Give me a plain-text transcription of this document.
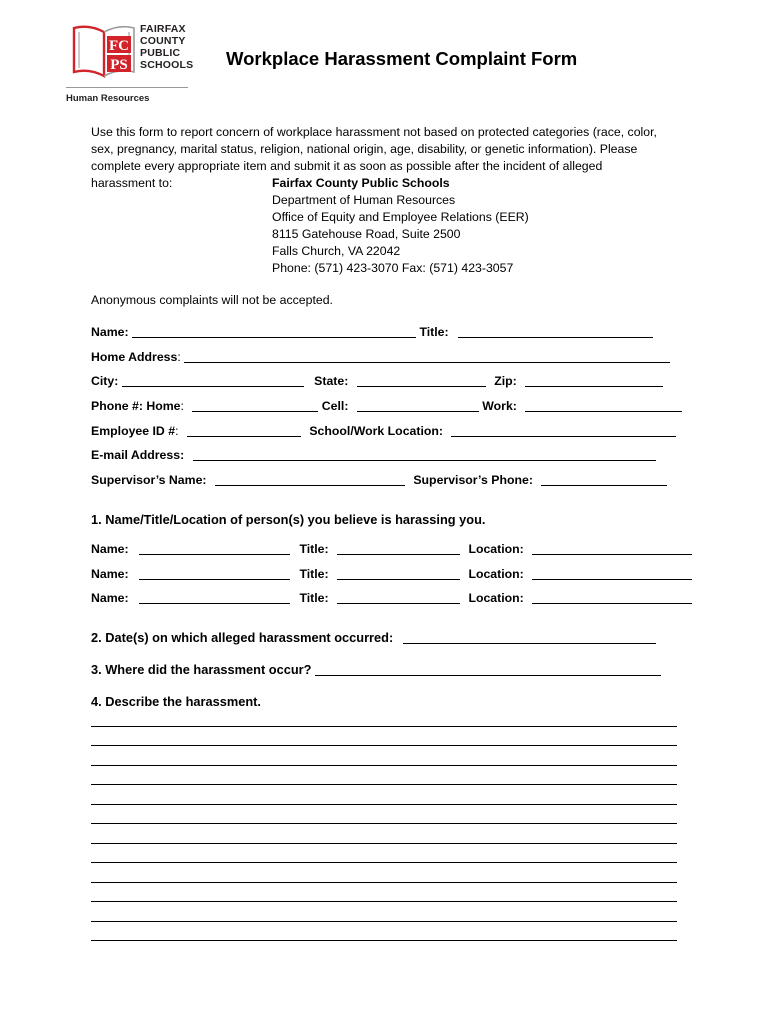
FC
PS
FAIRFAX
COUNTY
PUBLIC
SCHOOLS
Human Resources
Workplace Harassment Complaint Form
Use this form to report concern of workplace harassment not based on protected categories (race, color,
sex, pregnancy, marital status, religion, national origin, age, disability, or genetic information). Please
complete every appropriate item and submit it as soon as possible after the incident of alleged
harassment to:	Fairfax County Public Schools
Department of Human Resources
Office of Equity and Employee Relations (EER)
8115 Gatehouse Road, Suite 2500
Falls Church, VA 22042
Phone: (571) 423-3070 Fax: (571) 423-3057
Anonymous complaints will not be accepted.
Name:	Title:
Home Address:
City:	State:	Zip:
Phone #: Home:	Cell:	Work:
Employee ID #:	School/Work Location:
E-mail Address:
Supervisor’s Name:	Supervisor’s Phone:
1. Name/Title/Location of person(s) you believe is harassing you.
Name:	Title:	Location:
Name:	Title:	Location:
Name:	Title:	Location:
2. Date(s) on which alleged harassment occurred:
3. Where did the harassment occur?
4. Describe the harassment.
